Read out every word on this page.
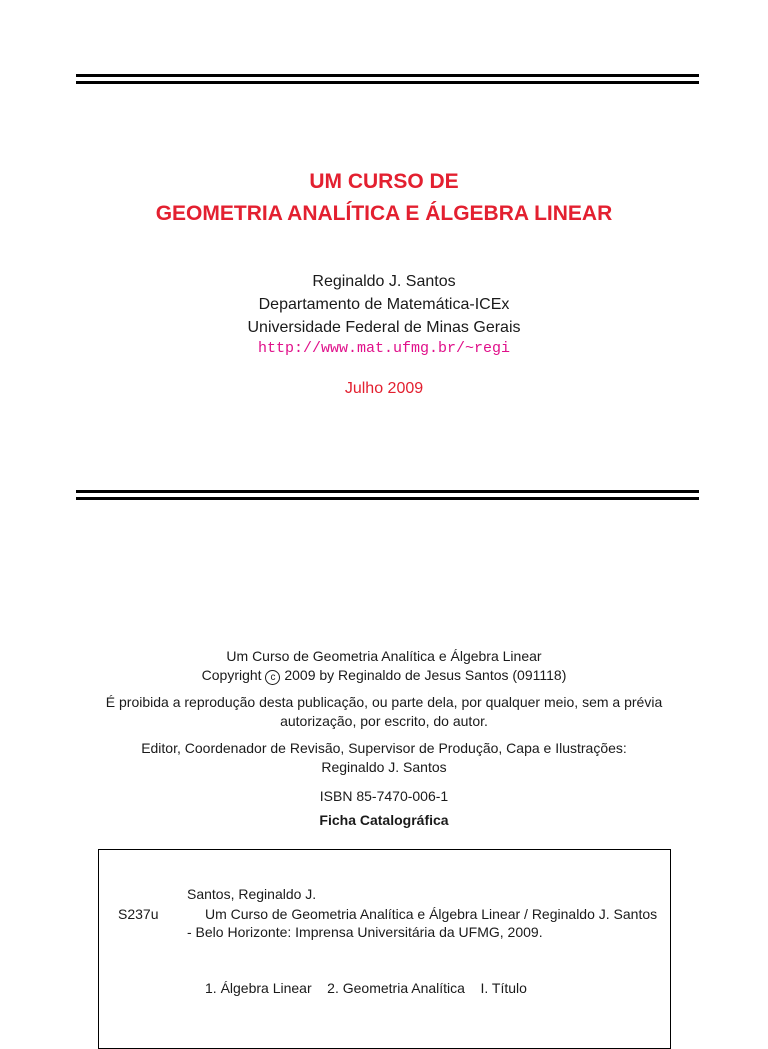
UM CURSO DE
GEOMETRIA ANALÍTICA E ÁLGEBRA LINEAR
Reginaldo J. Santos
Departamento de Matemática-ICEx
Universidade Federal de Minas Gerais
http://www.mat.ufmg.br/~regi
Julho 2009
Um Curso de Geometria Analítica e Álgebra Linear
Copyright c 2009 by Reginaldo de Jesus Santos (091118)
É proibida a reprodução desta publicação, ou parte dela, por qualquer meio, sem a prévia
autorização, por escrito, do autor.
Editor, Coordenador de Revisão, Supervisor de Produção, Capa e Ilustrações:
Reginaldo J. Santos
ISBN 85-7470-006-1
Ficha Catalográfica
Santos, Reginaldo J.
S237u	Um Curso de Geometria Analítica e Álgebra Linear / Reginaldo J. Santos
- Belo Horizonte: Imprensa Universitária da UFMG, 2009.
1. Álgebra Linear    2. Geometria Analítica    I. Título
